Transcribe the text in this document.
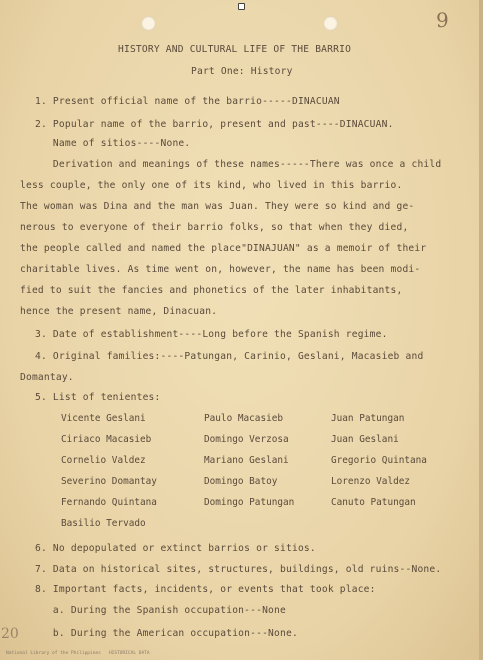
9
HISTORY AND CULTURAL LIFE OF THE BARRIO
Part One: History
1. Present official name of the barrio-----DINACUAN
2. Popular name of the barrio, present and past----DINACUAN.
Name of sitios----None.
Derivation and meanings of these names-----There was once a child
less couple, the only one of its kind, who lived in this barrio.
The woman was Dina and the man was Juan. They were so kind and ge-
nerous to everyone of their barrio folks, so that when they died,
the people called and named the place"DINAJUAN" as a memoir of their
charitable lives. As time went on, however, the name has been modi-
fied to suit the fancies and phonetics of the later inhabitants,
hence the present name, Dinacuan.
3. Date of establishment----Long before the Spanish regime.
4. Original families:----Patungan, Carinio, Geslani, Macasieb and
Domantay.
5. List of tenientes:
Vicente Geslani	Paulo Macasieb	Juan Patungan
Ciriaco Macasieb	Domingo Verzosa	Juan Geslani
Cornelio Valdez	Mariano Geslani	Gregorio Quintana
Severino Domantay	Domingo Batoy	Lorenzo Valdez
Fernando Quintana	Domingo Patungan	Canuto Patungan
Basilio Tervado
6. No depopulated or extinct barrios or sitios.
7. Data on historical sites, structures, buildings, old ruins--None.
8. Important facts, incidents, or events that took place:
a. During the Spanish occupation---None
b. During the American occupation---None.
20
National Library of the Philippines   HISTORICAL DATA
